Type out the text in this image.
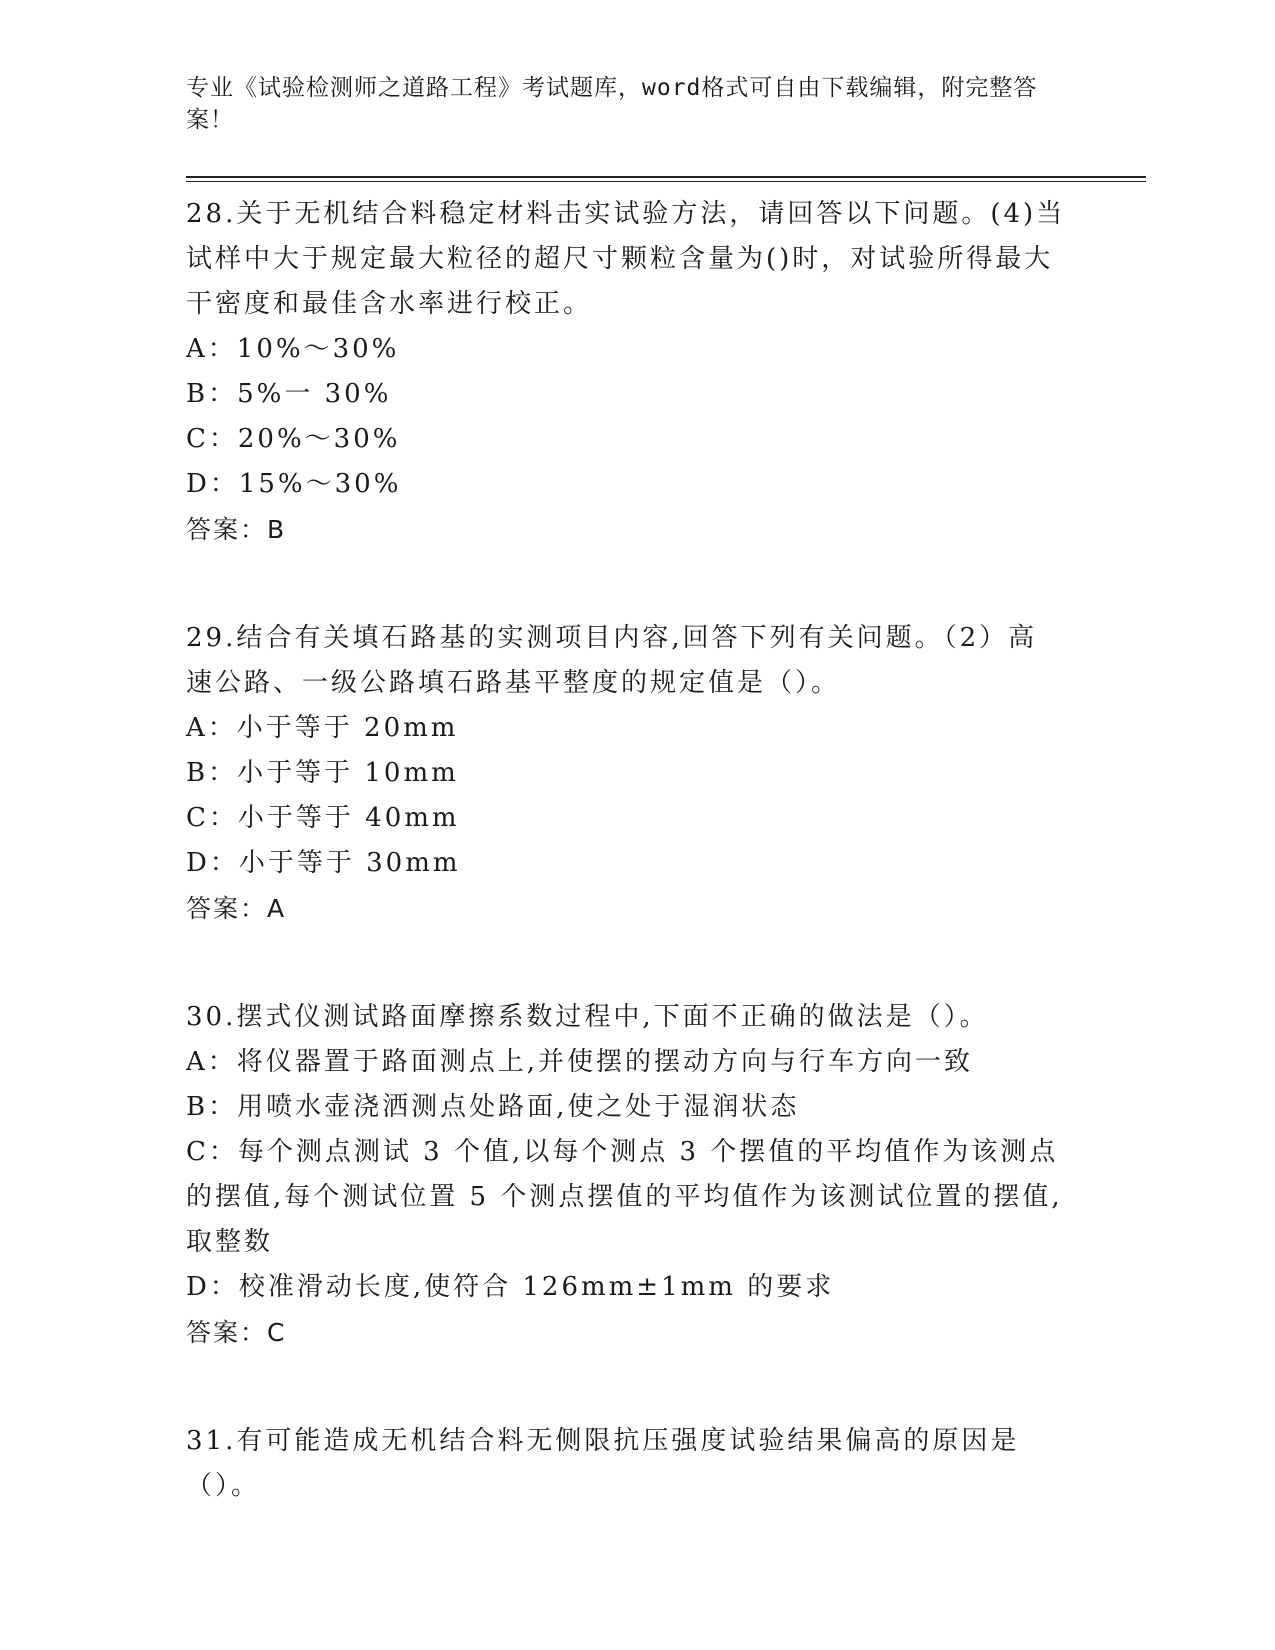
专业《试验检测师之道路工程》考试题库，word格式可自由下载编辑，附完整答案！

28.关于无机结合料稳定材料击实试验方法，请回答以下问题。(4)当试样中大于规定最大粒径的超尺寸颗粒含量为()时，对试验所得最大干密度和最佳含水率进行校正。

A：10%～30%

B：5%一 30%

C：20%～30%

D：15%～30%

答案：B

29.结合有关填石路基的实测项目内容,回答下列有关问题。（2）高速公路、一级公路填石路基平整度的规定值是（）。

A：小于等于 20mm

B：小于等于 10mm

C：小于等于 40mm

D：小于等于 30mm

答案：A

30.摆式仪测试路面摩擦系数过程中,下面不正确的做法是（）。

A：将仪器置于路面测点上,并使摆的摆动方向与行车方向一致

B：用喷水壶浇洒测点处路面,使之处于湿润状态

C：每个测点测试 3 个值,以每个测点 3 个摆值的平均值作为该测点的摆值,每个测试位置 5 个测点摆值的平均值作为该测试位置的摆值,取整数

D：校准滑动长度,使符合 126mm±1mm 的要求

答案：C

31.有可能造成无机结合料无侧限抗压强度试验结果偏高的原因是（）。
